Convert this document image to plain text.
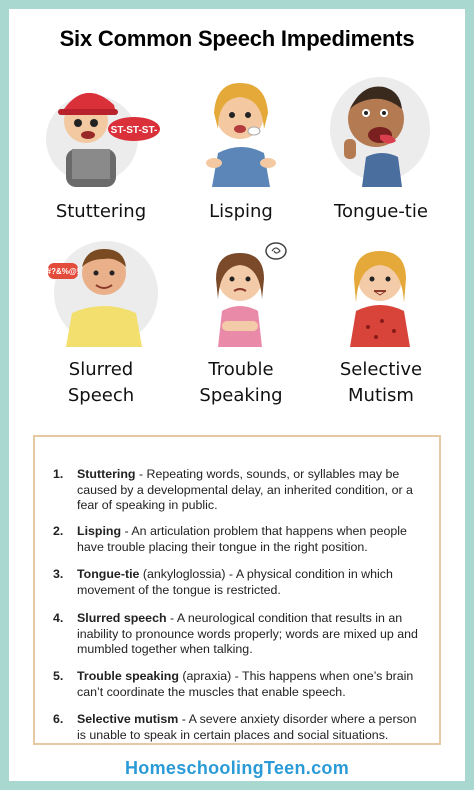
Six Common Speech Impediments
ST-ST-ST-
Stuttering	Lisping	Tongue-tie
#?&%@!
Slurred
Speech
Trouble
Speaking
Selective
Mutism
1. Stuttering - Repeating words, sounds, or syllables may be caused by a developmental delay, an inherited condition, or a fear of speaking in public.
2. Lisping - An articulation problem that happens when people have trouble placing their tongue in the right position.
3. Tongue-tie (ankyloglossia) - A physical condition in which movement of the tongue is restricted.
4. Slurred speech - A neurological condition that results in an inability to pronounce words properly; words are mixed up and mumbled together when talking.
5. Trouble speaking (apraxia) - This happens when one’s brain can’t coordinate the muscles that enable speech.
6. Selective mutism - A severe anxiety disorder where a person is unable to speak in certain places and social situations.
HomeschoolingTeen.com
